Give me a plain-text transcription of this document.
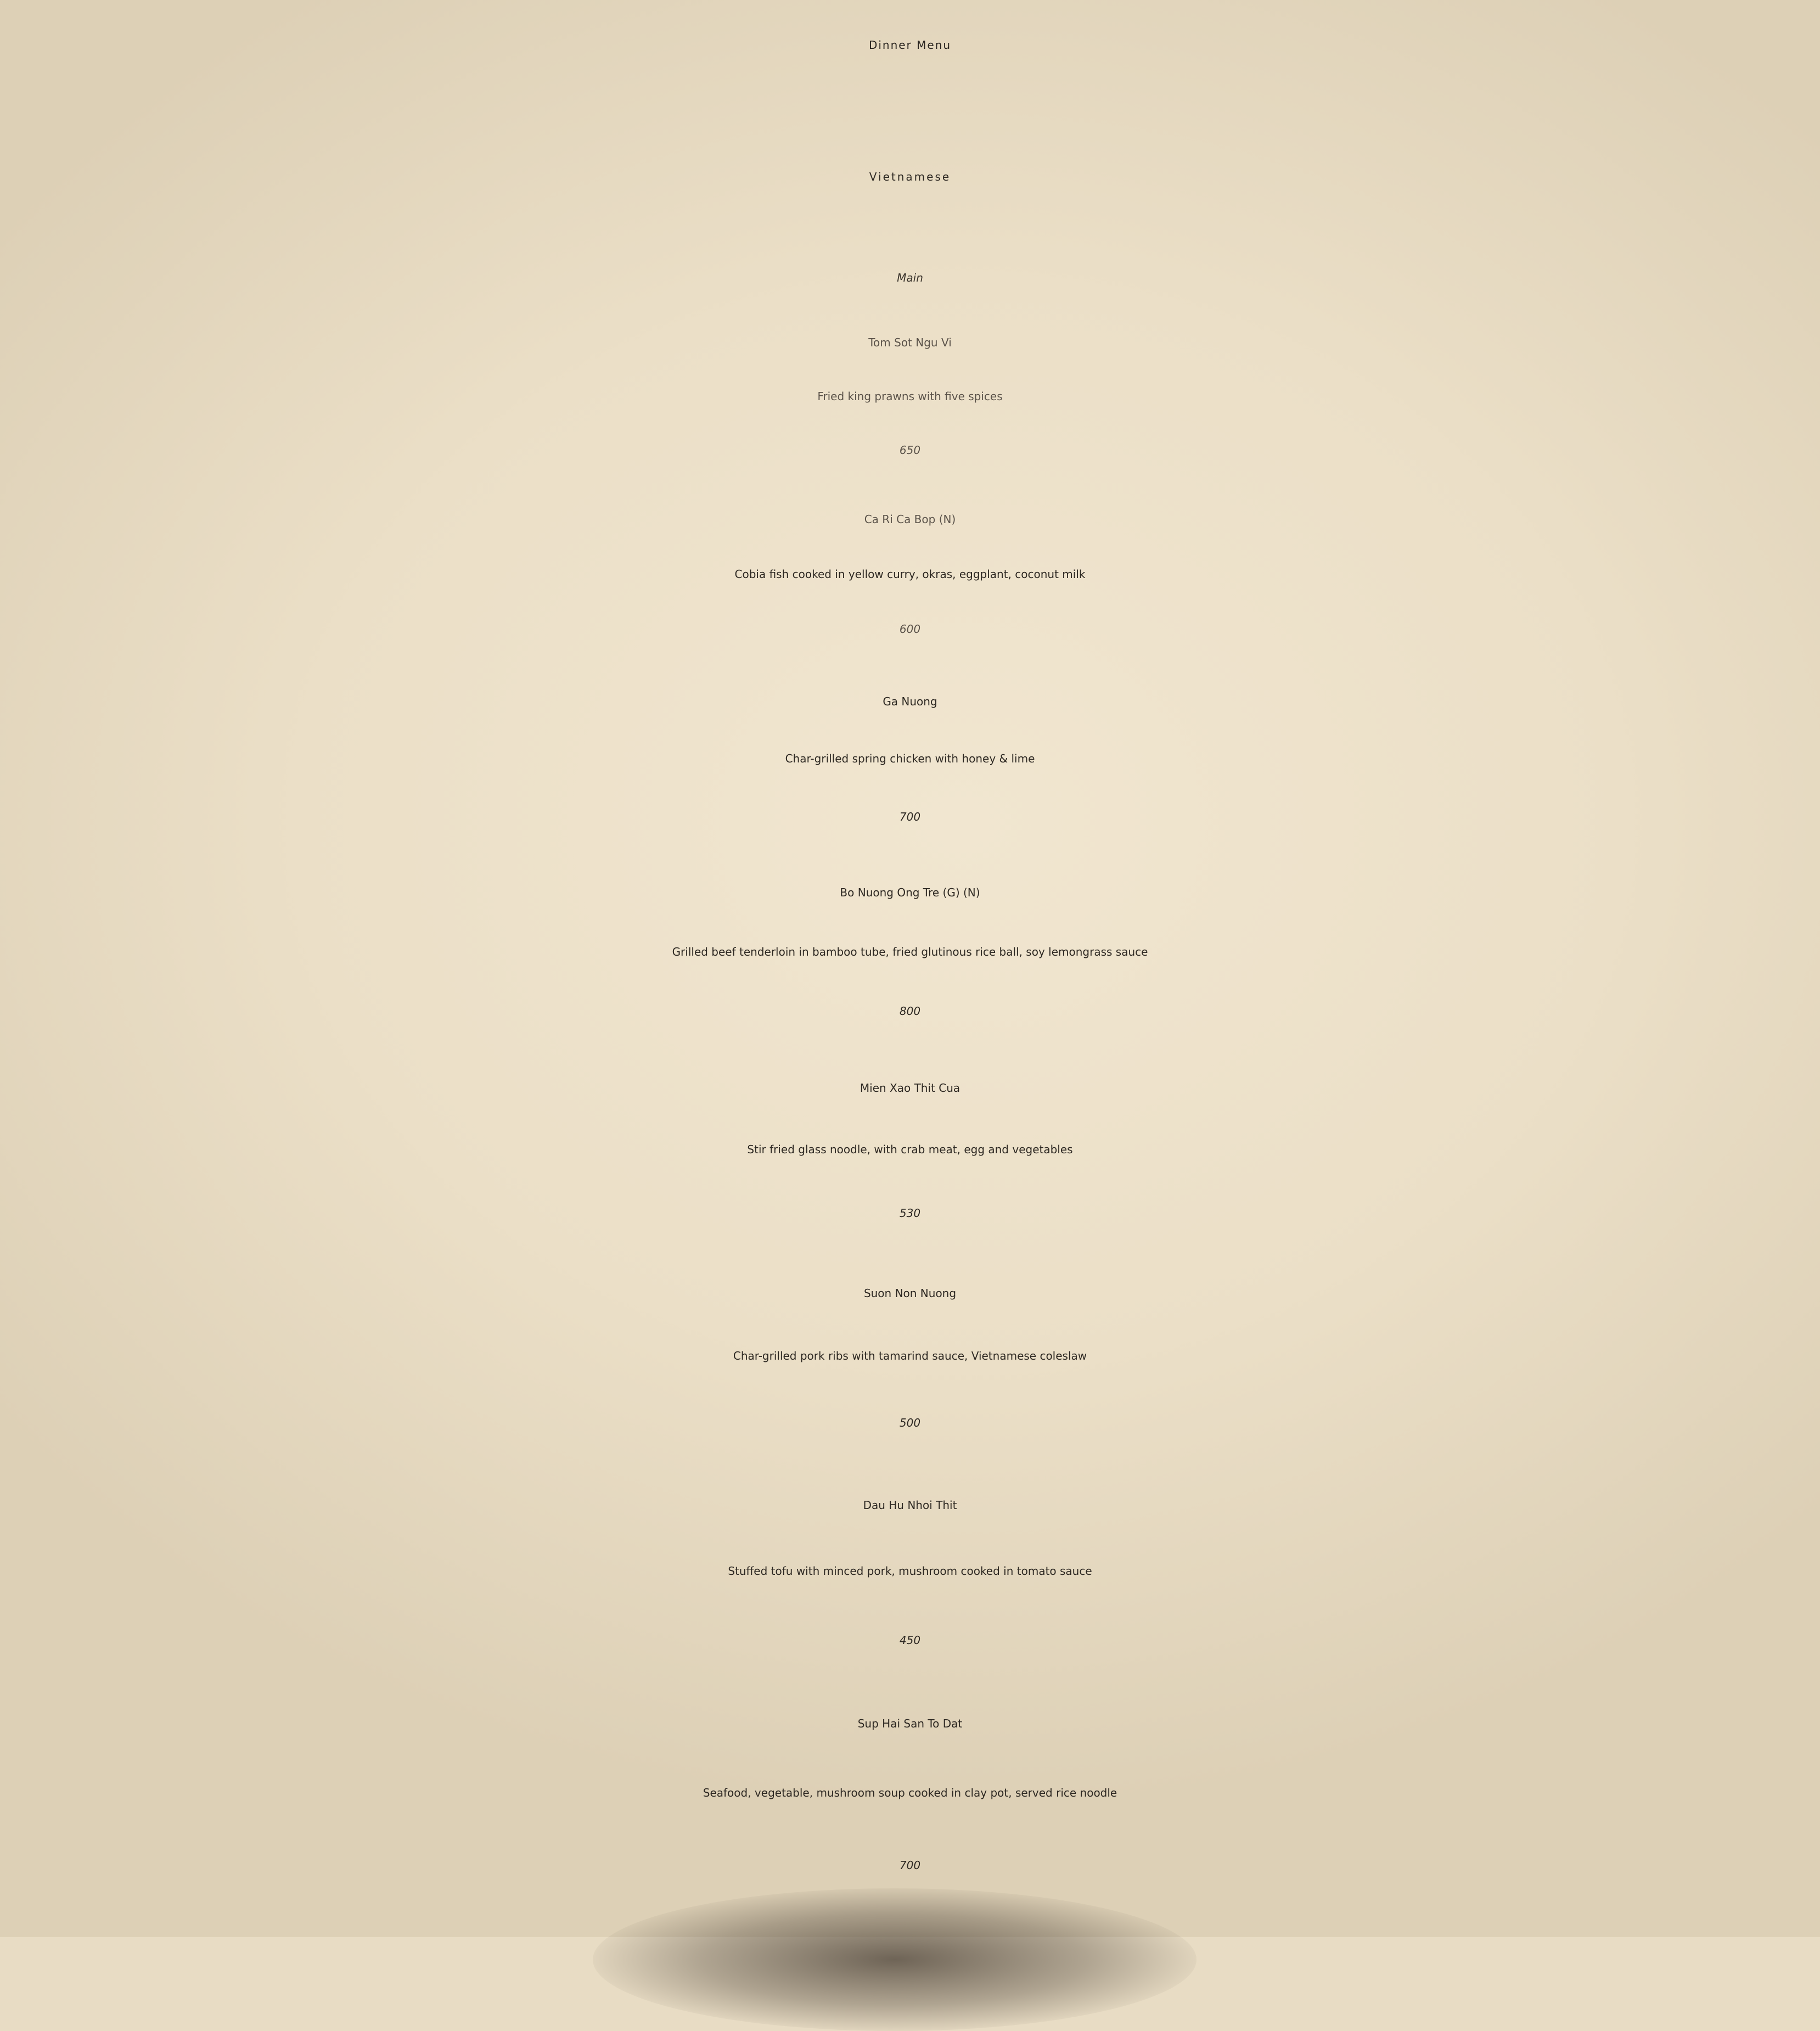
Dinner Menu
Vietnamese
Main
Tom Sot Ngu Vi
Fried king prawns with five spices
650
Ca Ri Ca Bop (N)
Cobia fish cooked in yellow curry, okras, eggplant, coconut milk
600
Ga Nuong
Char-grilled spring chicken with honey & lime
700
Bo Nuong Ong Tre (G) (N)
Grilled beef tenderloin in bamboo tube, fried glutinous rice ball, soy lemongrass sauce
800
Mien Xao Thit Cua
Stir fried glass noodle, with crab meat, egg and vegetables
530
Suon Non Nuong
Char-grilled pork ribs with tamarind sauce, Vietnamese coleslaw
500
Dau Hu Nhoi Thit
Stuffed tofu with minced pork, mushroom cooked in tomato sauce
450
Sup Hai San To Dat
Seafood, vegetable, mushroom soup cooked in clay pot, served rice noodle
700
